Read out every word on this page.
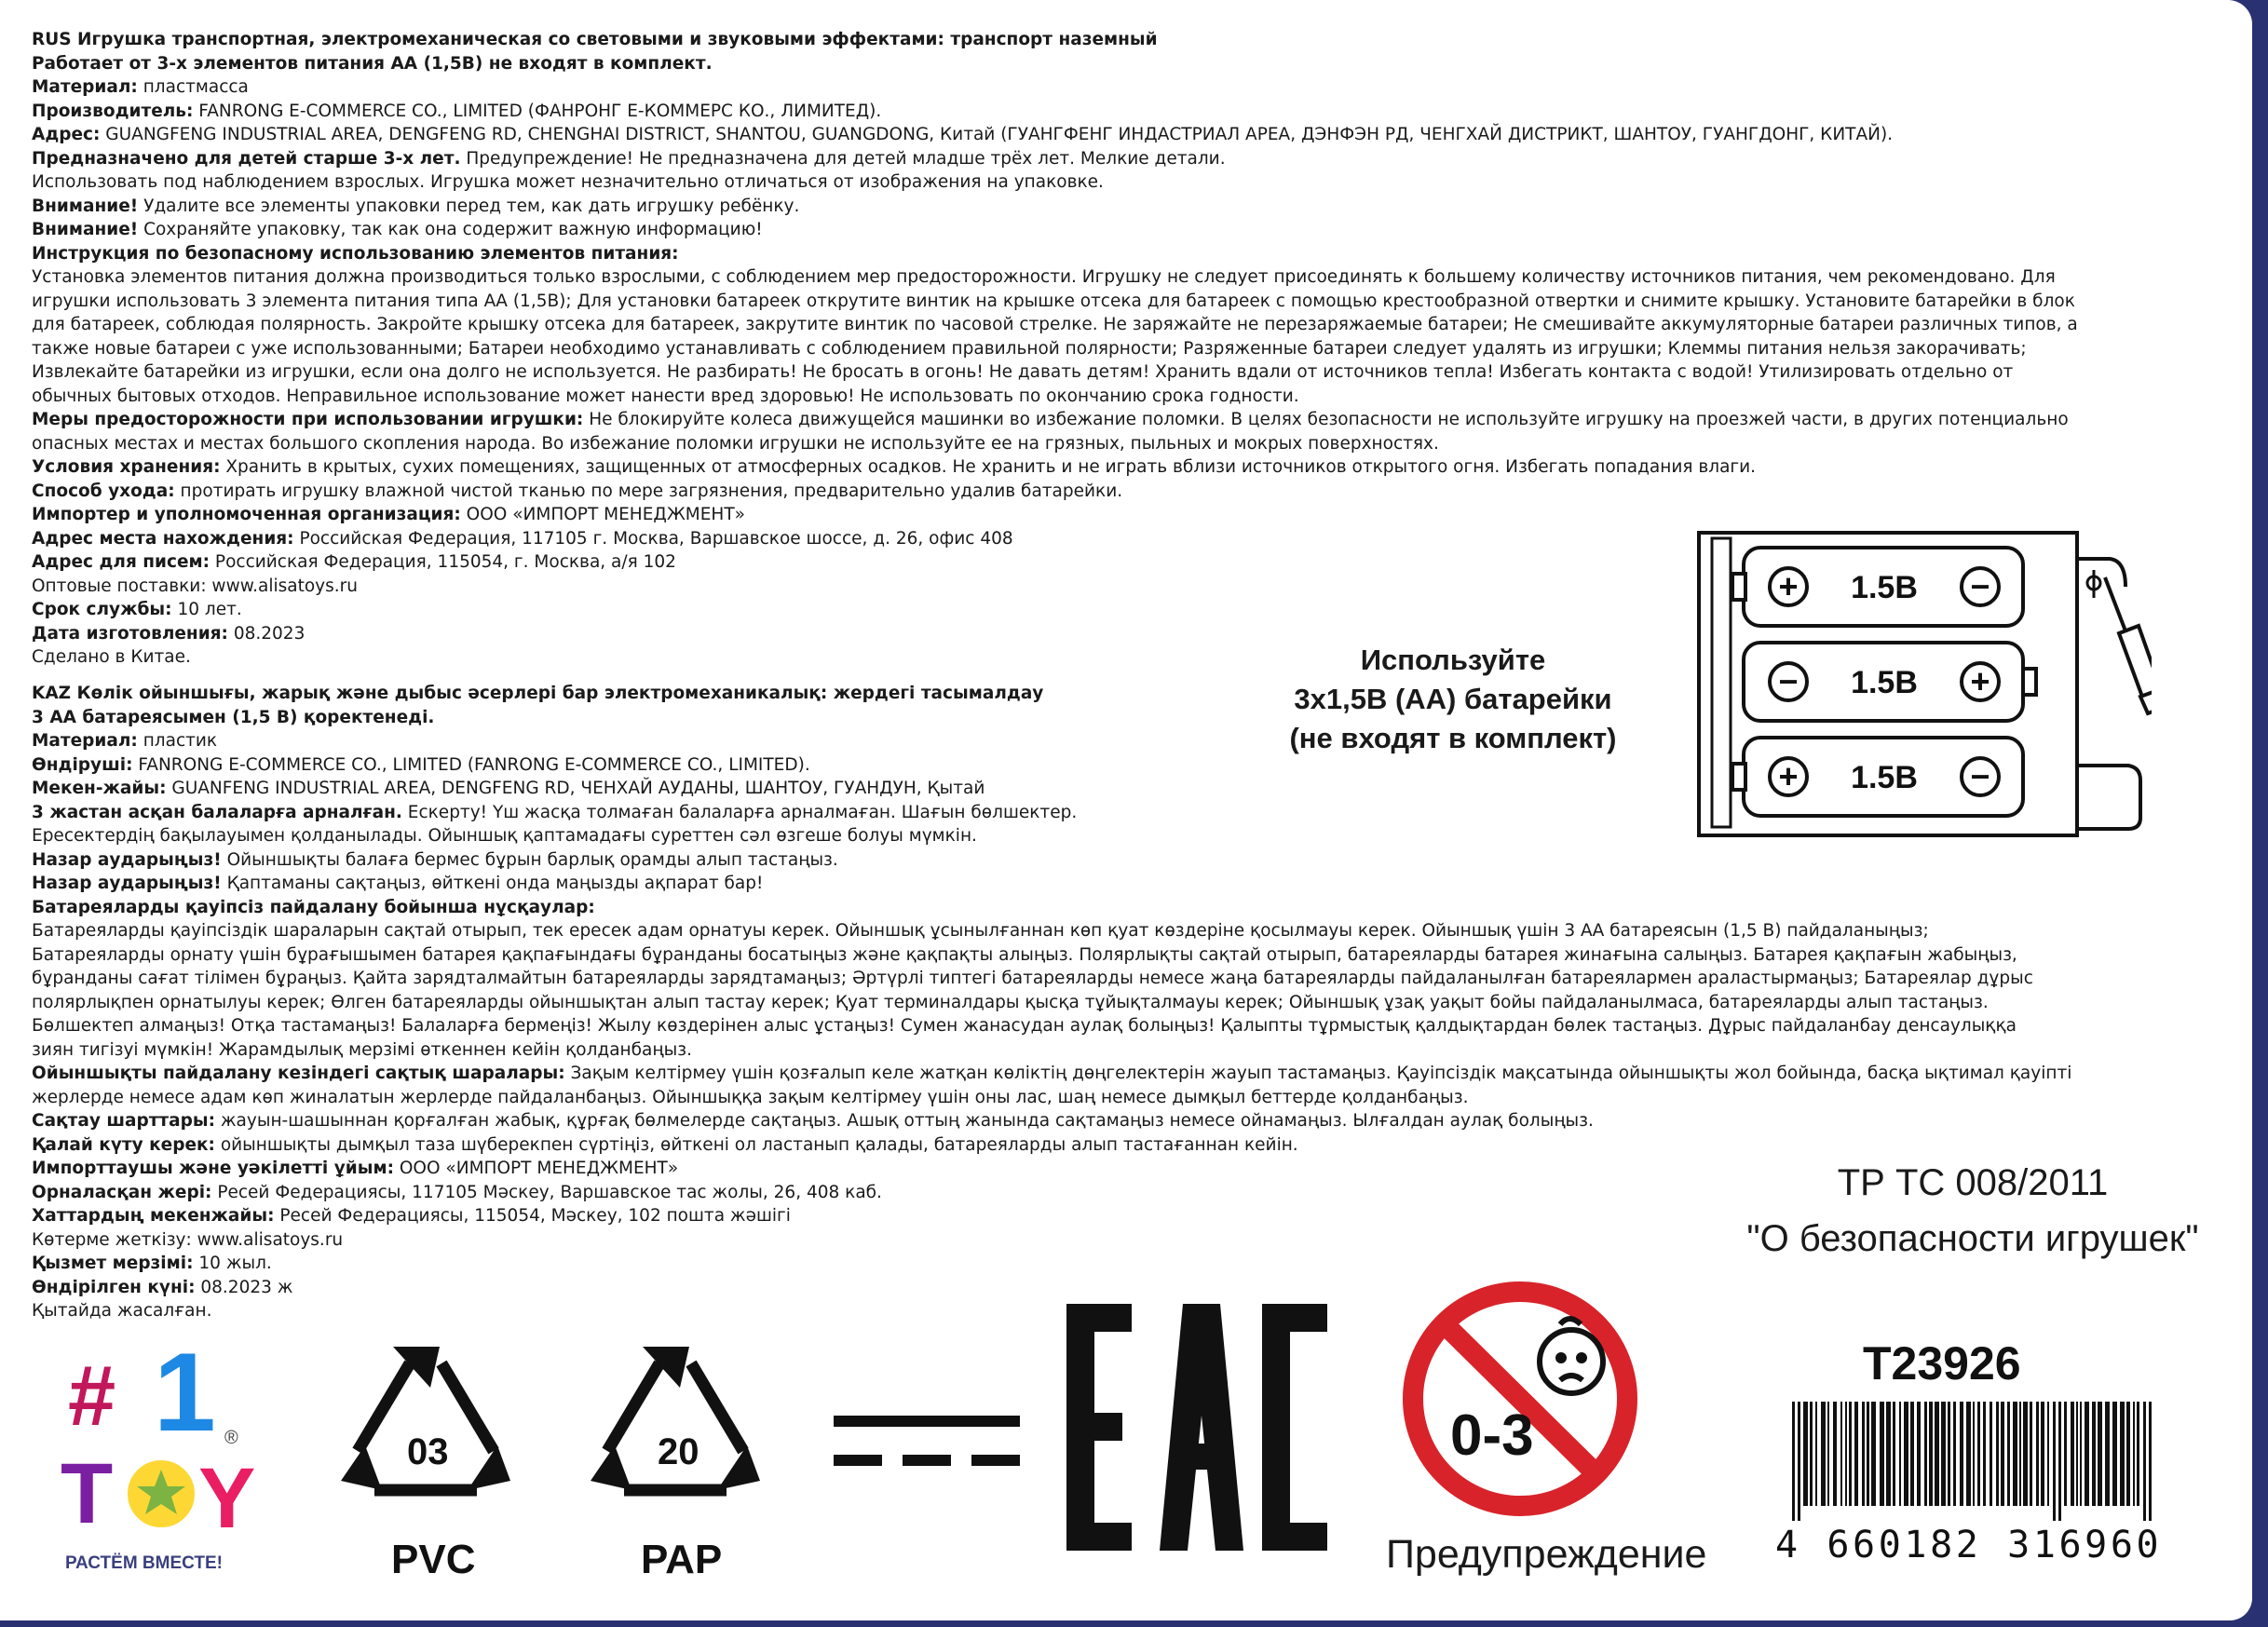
RUS Игрушка транспортная, электромеханическая со световыми и звуковыми эффектами: транспорт наземный
Работает от 3-х элементов питания АА (1,5В) не входят в комплект.
Материал: пластмасса
Производитель: FANRONG E-COMMERCE CO., LIMITED (ФАНРОНГ Е-КОММЕРС КО., ЛИМИТЕД).
Адрес: GUANGFENG INDUSTRIAL AREA, DENGFENG RD, CHENGHAI DISTRICT, SHANTOU, GUANGDONG, Китай (ГУАНГФЕНГ ИНДАСТРИАЛ АРЕА, ДЭНФЭН РД, ЧЕНГХАЙ ДИСТРИКТ, ШАНТОУ, ГУАНГДОНГ, КИТАЙ).
Предназначено для детей старше 3-х лет. Предупреждение! Не предназначена для детей младше трёх лет. Мелкие детали.
Использовать под наблюдением взрослых. Игрушка может незначительно отличаться от изображения на упаковке.
Внимание! Удалите все элементы упаковки перед тем, как дать игрушку ребёнку.
Внимание! Сохраняйте упаковку, так как она содержит важную информацию!
Инструкция по безопасному использованию элементов питания:
Установка элементов питания должна производиться только взрослыми, с соблюдением мер предосторожности. Игрушку не следует присоединять к большему количеству источников питания, чем рекомендовано. Для
игрушки использовать 3 элемента питания типа АА (1,5В); Для установки батареек открутите винтик на крышке отсека для батареек с помощью крестообразной отвертки и снимите крышку. Установите батарейки в блок
для батареек, соблюдая полярность. Закройте крышку отсека для батареек, закрутите винтик по часовой стрелке. Не заряжайте не перезаряжаемые батареи; Не смешивайте аккумуляторные батареи различных типов, а
также новые батареи с уже использованными; Батареи необходимо устанавливать с соблюдением правильной полярности; Разряженные батареи следует удалять из игрушки; Клеммы питания нельзя закорачивать;
Извлекайте батарейки из игрушки, если она долго не используется. Не разбирать! Не бросать в огонь! Не давать детям! Хранить вдали от источников тепла! Избегать контакта с водой! Утилизировать отдельно от
обычных бытовых отходов. Неправильное использование может нанести вред здоровью! Не использовать по окончанию срока годности.
Меры предосторожности при использовании игрушки: Не блокируйте колеса движущейся машинки во избежание поломки. В целях безопасности не используйте игрушку на проезжей части, в других потенциально
опасных местах и местах большого скопления народа. Во избежание поломки игрушки не используйте ее на грязных, пыльных и мокрых поверхностях.
Условия хранения: Хранить в крытых, сухих помещениях, защищенных от атмосферных осадков. Не хранить и не играть вблизи источников открытого огня. Избегать попадания влаги.
Способ ухода: протирать игрушку влажной чистой тканью по мере загрязнения, предварительно удалив батарейки.
Импортер и уполномоченная организация: ООО «ИМПОРТ МЕНЕДЖМЕНТ»
Адрес места нахождения: Российская Федерация, 117105 г. Москва, Варшавское шоссе, д. 26, офис 408
Адрес для писем: Российская Федерация, 115054, г. Москва, а/я 102
Оптовые поставки: www.alisatoys.ru
Срок службы: 10 лет.
Дата изготовления: 08.2023
Сделано в Китае.
KAZ Көлік ойыншығы, жарық және дыбыс әсерлері бар электромеханикалық: жердегі тасымалдау
3 АА батареясымен (1,5 В) қоректенеді.
Материал: пластик
Өндіруші: FANRONG E-COMMERCE CO., LIMITED (FANRONG E-COMMERCE CO., LIMITED).
Мекен-жайы: GUANFENG INDUSTRIAL AREA, DENGFENG RD, ЧЕНХАЙ АУДАНЫ, ШАНТОУ, ГУАНДУН, Қытай
3 жастан асқан балаларға арналған. Ескерту! Үш жасқа толмаған балаларға арналмаған. Шағын бөлшектер.
Ересектердің бақылауымен қолданылады. Ойыншық қаптамадағы суреттен сәл өзгеше болуы мүмкін.
Назар аударыңыз! Ойыншықты балаға бермес бұрын барлық орамды алып тастаңыз.
Назар аударыңыз! Қаптаманы сақтаңыз, өйткені онда маңызды ақпарат бар!
Батареяларды қауіпсіз пайдалану бойынша нұсқаулар:
Батареяларды қауіпсіздік шараларын сақтай отырып, тек ересек адам орнатуы керек. Ойыншық ұсынылғаннан көп қуат көздеріне қосылмауы керек. Ойыншық үшін 3 АА батареясын (1,5 В) пайдаланыңыз;
Батареяларды орнату үшін бұрағышымен батарея қақпағындағы бұранданы босатыңыз және қақпақты алыңыз. Полярлықты сақтай отырып, батареяларды батарея жинағына салыңыз. Батарея қақпағын жабыңыз,
бұранданы сағат тілімен бұраңыз. Қайта зарядталмайтын батареяларды зарядтамаңыз; Әртүрлі типтегі батареяларды немесе жаңа батареяларды пайдаланылған батареялармен араластырмаңыз; Батареялар дұрыс
полярлықпен орнатылуы керек; Өлген батареяларды ойыншықтан алып тастау керек; Қуат терминалдары қысқа тұйықталмауы керек; Ойыншық ұзақ уақыт бойы пайдаланылмаса, батареяларды алып тастаңыз.
Бөлшектеп алмаңыз! Отқа тастамаңыз! Балаларға бермеңіз! Жылу көздерінен алыс ұстаңыз! Сумен жанасудан аулақ болыңыз! Қалыпты тұрмыстық қалдықтардан бөлек тастаңыз. Дұрыс пайдаланбау денсаулыққа
зиян тигізуі мүмкін! Жарамдылық мерзімі өткеннен кейін қолданбаңыз.
Ойыншықты пайдалану кезіндегі сақтық шаралары: Зақым келтірмеу үшін қозғалып келе жатқан көліктің дөңгелектерін жауып тастамаңыз. Қауіпсіздік мақсатында ойыншықты жол бойында, басқа ықтимал қауіпті
жерлерде немесе адам көп жиналатын жерлерде пайдаланбаңыз. Ойыншыққа зақым келтірмеу үшін оны лас, шаң немесе дымқыл беттерде қолданбаңыз.
Сақтау шарттары: жауын-шашыннан қорғалған жабық, құрғақ бөлмелерде сақтаңыз. Ашық оттың жанында сақтамаңыз немесе ойнамаңыз. Ылғалдан аулақ болыңыз.
Қалай күту керек: ойыншықты дымқыл таза шүберекпен сүртіңіз, өйткені ол ластанып қалады, батареяларды алып тастағаннан кейін.
Импорттаушы және уәкілетті ұйым: ООО «ИМПОРТ МЕНЕДЖМЕНТ»
Орналасқан жері: Ресей Федерациясы, 117105 Мәскеу, Варшавское тас жолы, 26, 408 каб.
Хаттардың мекенжайы: Ресей Федерациясы, 115054, Мәскеу, 102 пошта жәшігі
Көтерме жеткізу: www.alisatoys.ru
Қызмет мерзімі: 10 жыл.
Өндірілген күні: 08.2023 ж
Қытайда жасалған.
Используйте
3х1,5В (АА) батарейки
(не входят в комплект)
+	−
1.5B
−	+
1.5B
+	−
1.5B
ТР ТС 008/2011
"О безопасности игрушек"
T23926
4 660182 316960
# 1
T Y
®
РАСТЁМ ВМЕСТЕ!
03
PVC
20
PAP
0-3
Предупреждение
